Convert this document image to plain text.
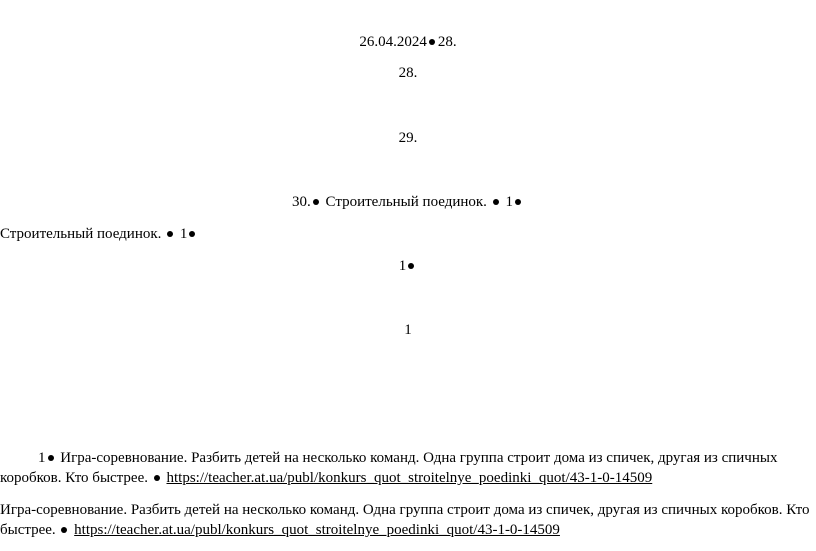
26.04.2024 28.
28.
29.
30. Строительный поединок. 1
Строительный поединок. 1
1
1
1 Игра-соревнование. Разбить детей на несколько команд. Одна группа строит дома из спичек, другая из спичных коробков. Кто быстрее. https://teacher.at.ua/publ/konkurs_quot_stroitelnye_poedinki_quot/43-1-0-14509
Игра-соревнование. Разбить детей на несколько команд. Одна группа строит дома из спичек, другая из спичных коробков. Кто быстрее. https://teacher.at.ua/publ/konkurs_quot_stroitelnye_poedinki_quot/43-1-0-14509
